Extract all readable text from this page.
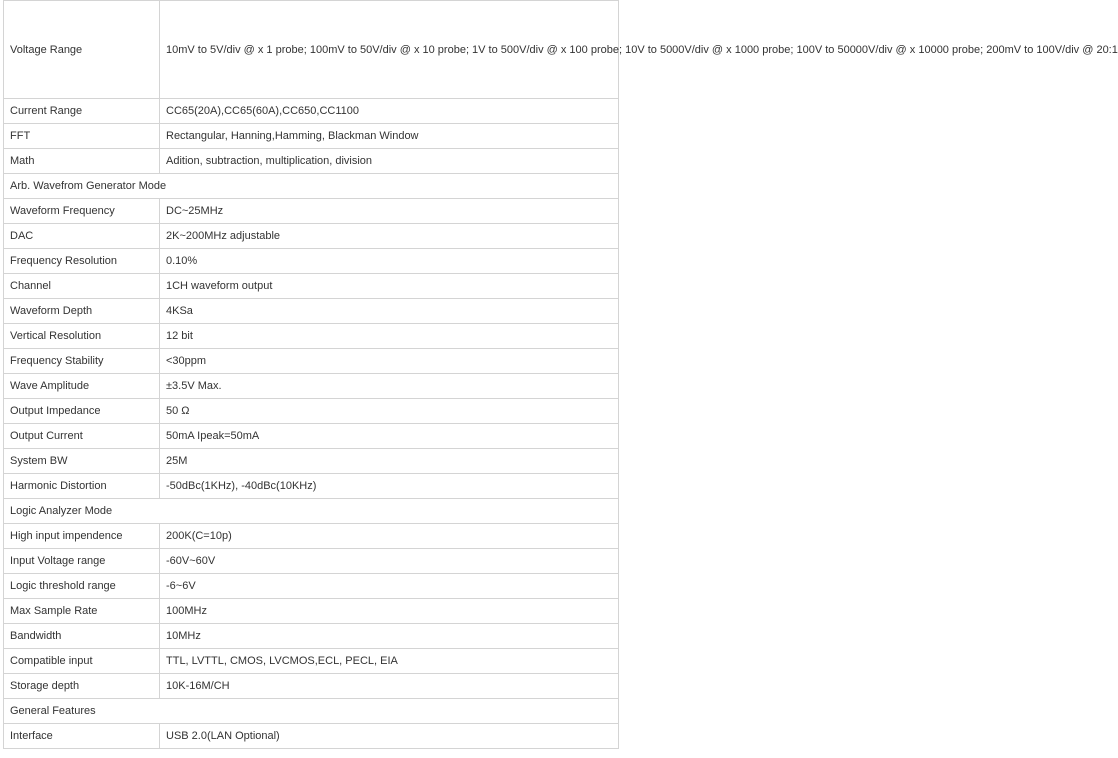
Voltage Range	10mV to 5V/div @ x 1 probe; 100mV to 50V/div @ x 10 probe; 1V to 500V/div @ x 100 probe; 10V to 5000V/div @ x 1000 probe; 100V to 50000V/div @ x 10000 probe; 200mV to 100V/div @ 20:1
Current Range	CC65(20A),CC65(60A),CC650,CC1100
FFT	Rectangular, Hanning,Hamming, Blackman Window
Math	Adition, subtraction, multiplication, division
Arb. Wavefrom Generator Mode	
Waveform Frequency	DC~25MHz
DAC	2K~200MHz adjustable
Frequency Resolution	0.10%
Channel	1CH waveform output
Waveform Depth	4KSa
Vertical Resolution	12 bit
Frequency Stability	<30ppm
Wave Amplitude	±3.5V Max.
Output Impedance	50 Ω
Output Current	50mA Ipeak=50mA
System BW	25M
Harmonic Distortion	-50dBc(1KHz), -40dBc(10KHz)
Logic Analyzer Mode	
High input impendence	200K(C=10p)
Input Voltage range	-60V~60V
Logic threshold range	-6~6V
Max Sample Rate	100MHz
Bandwidth	10MHz
Compatible input	TTL, LVTTL, CMOS, LVCMOS,ECL, PECL, EIA
Storage depth	10K-16M/CH
General Features	
Interface	USB 2.0(LAN Optional)
